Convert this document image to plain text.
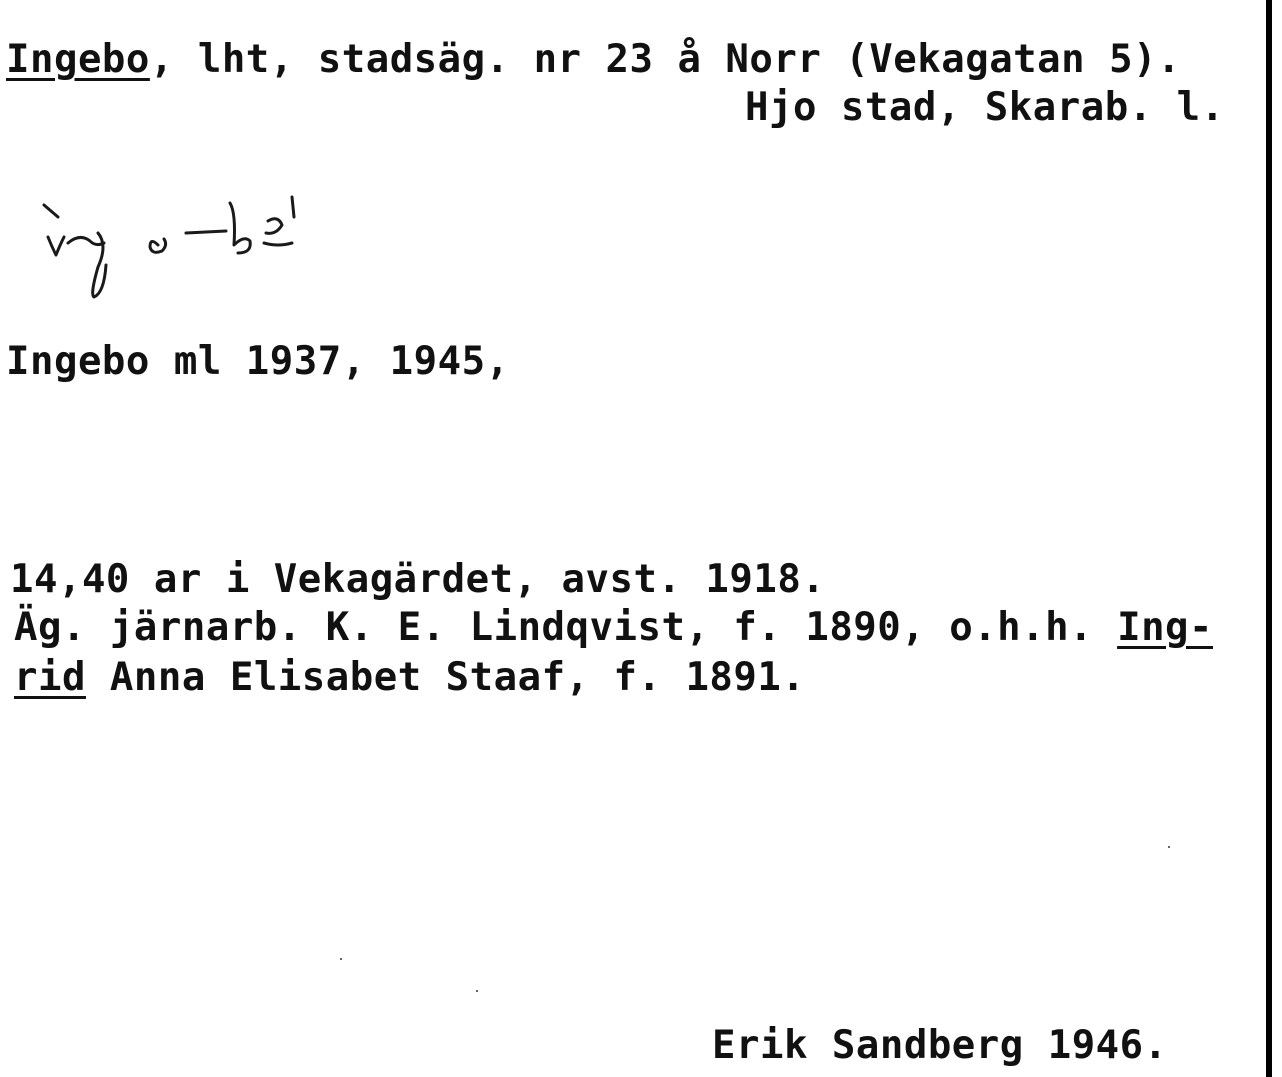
Ingebo, lht, stadsäg. nr 23 å Norr (Vekagatan 5).
Hjo stad, Skarab. l.
Ingebo ml 1937, 1945,
14,40 ar i Vekagärdet, avst. 1918.
Äg. järnarb. K. E. Lindqvist, f. 1890, o.h.h. Ing-
rid Anna Elisabet Staaf, f. 1891.
Erik Sandberg 1946.
